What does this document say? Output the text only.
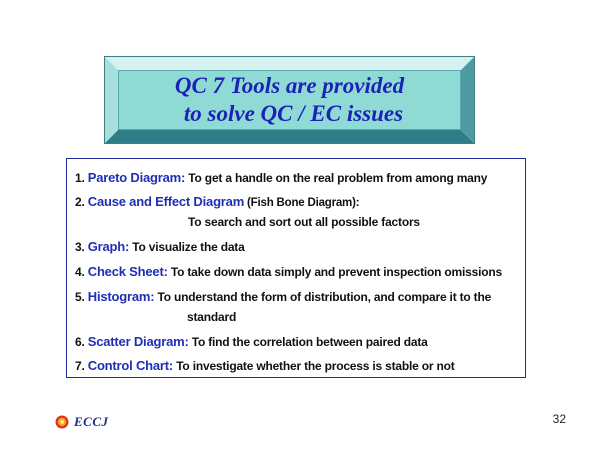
QC 7 Tools are provided
to solve QC / EC issues
1. Pareto Diagram: To get a handle on the real problem from among many
2. Cause and Effect Diagram (Fish Bone Diagram):
To search and sort out all possible factors
3. Graph: To visualize the data
4. Check Sheet: To take down data simply and prevent inspection omissions
5. Histogram: To understand the form of distribution, and compare it to the
standard
6. Scatter Diagram: To find the correlation between paired data
7. Control Chart: To investigate whether the process is stable or not
ECCJ	32
